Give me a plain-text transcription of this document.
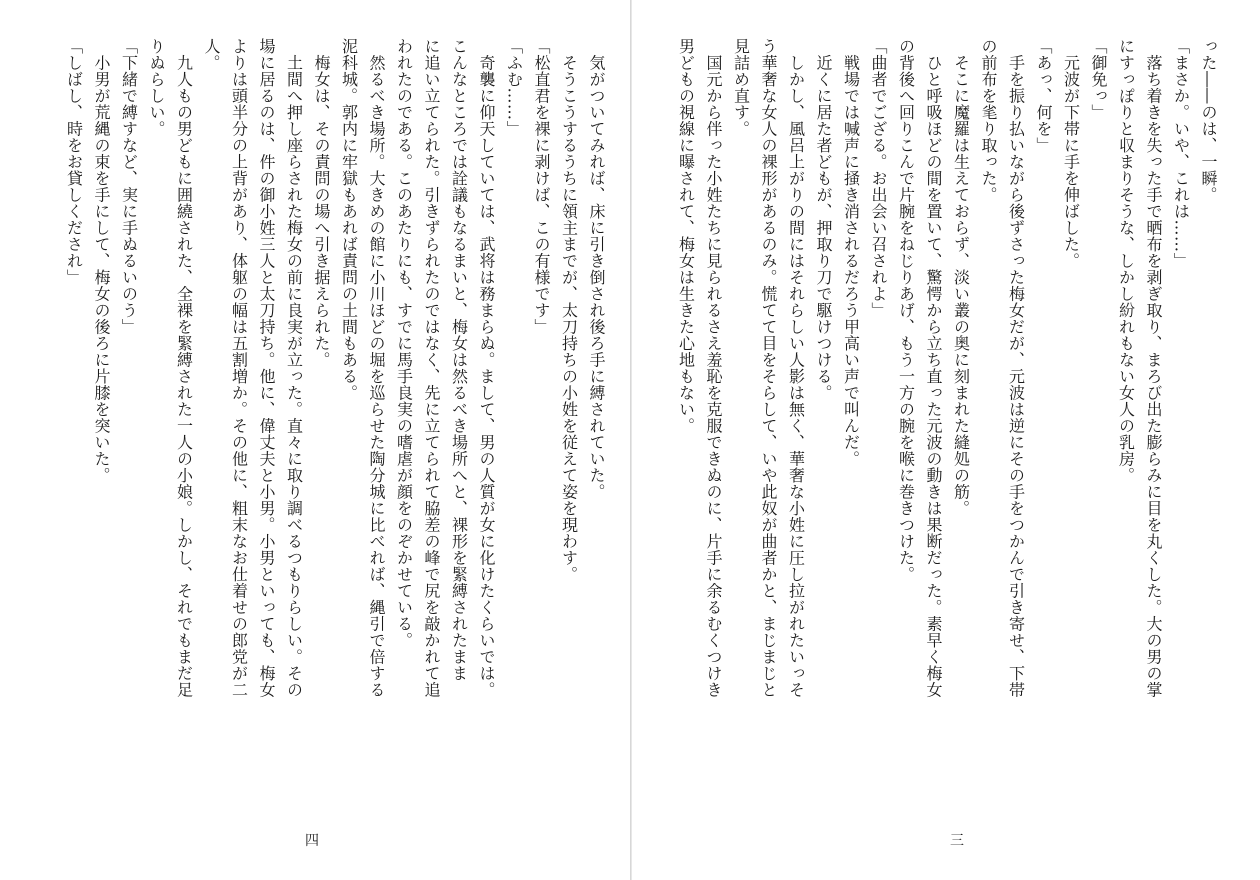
　気がついてみれば、床に引き倒され後ろ手に縛されていた。
　そうこうするうちに領主までが、太刀持ちの小姓を従えて姿を現わす。
「松直君を裸に剥けば、この有様です」
「ふむ……」
　奇襲に仰天していては、武将は務まらぬ。まして、男の人質が女に化けたくらいでは。
こんなところでは詮議もなるまいと、梅女は然るべき場所へと、裸形を緊縛されたまま
に追い立てられた。引きずられたのではなく、先に立てられて脇差の峰で尻を敲かれて追
われたのである。このあたりにも、すでに馬手良実の嗜虐が顔をのぞかせている。
　然るべき場所。大きめの館に小川ほどの堀を巡らせた陶分城に比べれば、縄引で倍する
泥科城。郭内に牢獄もあれば責問の土間もある。
　梅女は、その責問の場へ引き据えられた。
　土間へ押し座らされた梅女の前に良実が立った。直々に取り調べるつもりらしい。その
場に居るのは、件の御小姓三人と太刀持ち。他に、偉丈夫と小男。小男といっても、梅女
よりは頭半分の上背があり、体躯の幅は五割増か。その他に、粗末なお仕着せの郎党が二
人。
　九人もの男どもに囲繞された、全裸を緊縛された一人の小娘。しかし、それでもまだ足
りぬらしい。
「下緒で縛すなど、実に手ぬるいのう」
　小男が荒縄の束を手にして、梅女の後ろに片膝を突いた。
「しばし、時をお貸しくだされ」
四
った――のは、一瞬。
「まさか。いや、これは……」
　落ち着きを失った手で晒布を剥ぎ取り、まろび出た膨らみに目を丸くした。大の男の掌
にすっぽりと収まりそうな、しかし紛れもない女人の乳房。
「御免っ」
　元波が下帯に手を伸ばした。
「あっ、何を」
　手を振り払いながら後ずさった梅女だが、元波は逆にその手をつかんで引き寄せ、下帯
の前布を毟り取った。
　そこに魔羅は生えておらず、淡い叢の奥に刻まれた縫処の筋。
　ひと呼吸ほどの間を置いて、驚愕から立ち直った元波の動きは果断だった。素早く梅女
の背後へ回りこんで片腕をねじりあげ、もう一方の腕を喉に巻きつけた。
「曲者でござる。お出会い召されよ」
　戦場では喊声に掻き消されるだろう甲高い声で叫んだ。
　近くに居た者どもが、押取り刀で駆けつける。
　しかし、風呂上がりの間にはそれらしい人影は無く、華奢な小姓に圧し拉がれたいっそ
う華奢な女人の裸形があるのみ。慌てて目をそらして、いや此奴が曲者かと、まじまじと
見詰め直す。
　国元から伴った小姓たちに見られるさえ羞恥を克服できぬのに、片手に余るむくつけき
男どもの視線に曝されて、梅女は生きた心地もない。
三
